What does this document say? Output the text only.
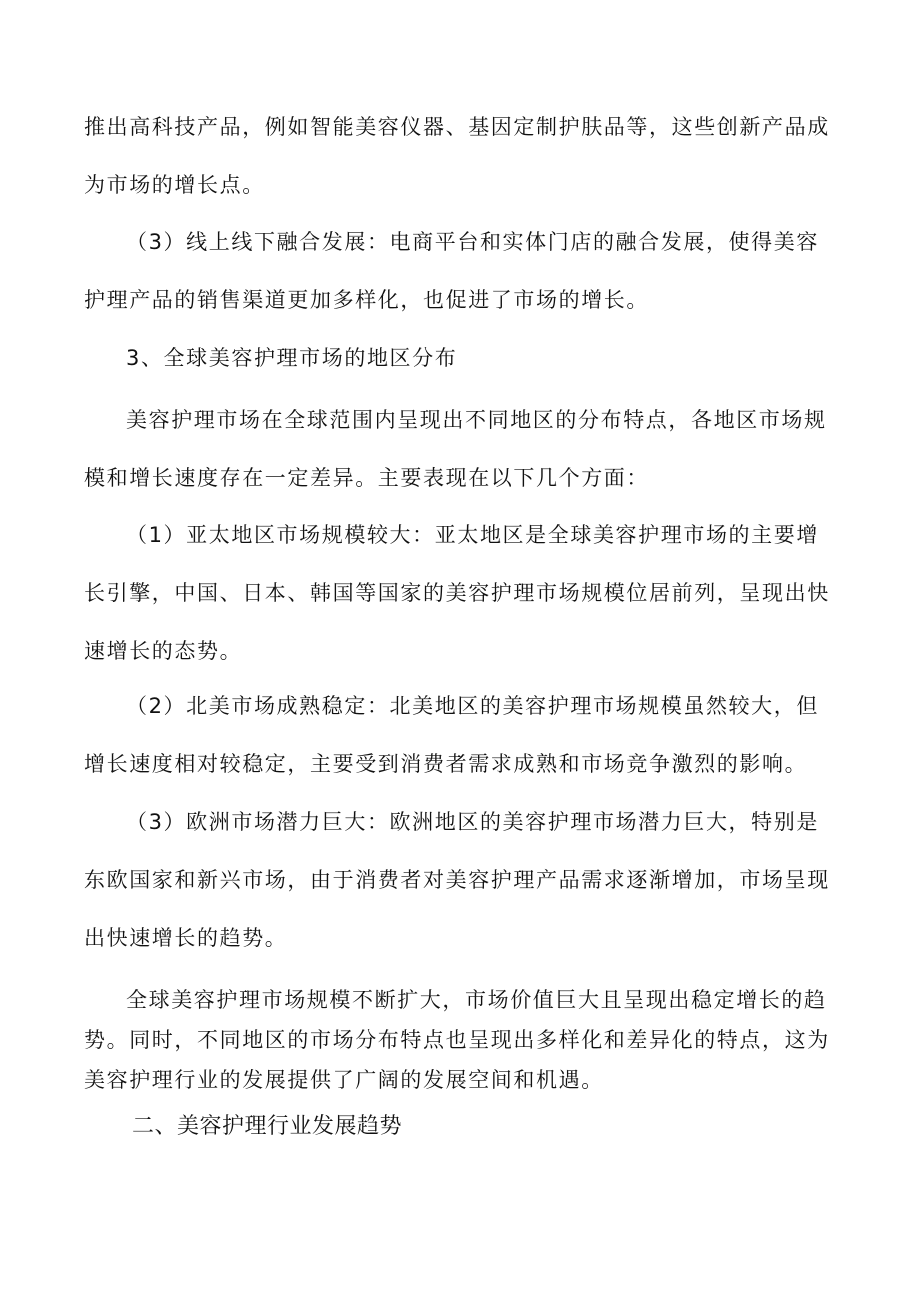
推出高科技产品，例如智能美容仪器、基因定制护肤品等，这些创新产品成为市场的增长点。

（3）线上线下融合发展：电商平台和实体门店的融合发展，使得美容护理产品的销售渠道更加多样化，也促进了市场的增长。

3、全球美容护理市场的地区分布

美容护理市场在全球范围内呈现出不同地区的分布特点，各地区市场规模和增长速度存在一定差异。主要表现在以下几个方面：

（1）亚太地区市场规模较大：亚太地区是全球美容护理市场的主要增长引擎，中国、日本、韩国等国家的美容护理市场规模位居前列，呈现出快速增长的态势。

（2）北美市场成熟稳定：北美地区的美容护理市场规模虽然较大，但增长速度相对较稳定，主要受到消费者需求成熟和市场竞争激烈的影响。

（3）欧洲市场潜力巨大：欧洲地区的美容护理市场潜力巨大，特别是东欧国家和新兴市场，由于消费者对美容护理产品需求逐渐增加，市场呈现出快速增长的趋势。

全球美容护理市场规模不断扩大，市场价值巨大且呈现出稳定增长的趋势。同时，不同地区的市场分布特点也呈现出多样化和差异化的特点，这为美容护理行业的发展提供了广阔的发展空间和机遇。

二、美容护理行业发展趋势
